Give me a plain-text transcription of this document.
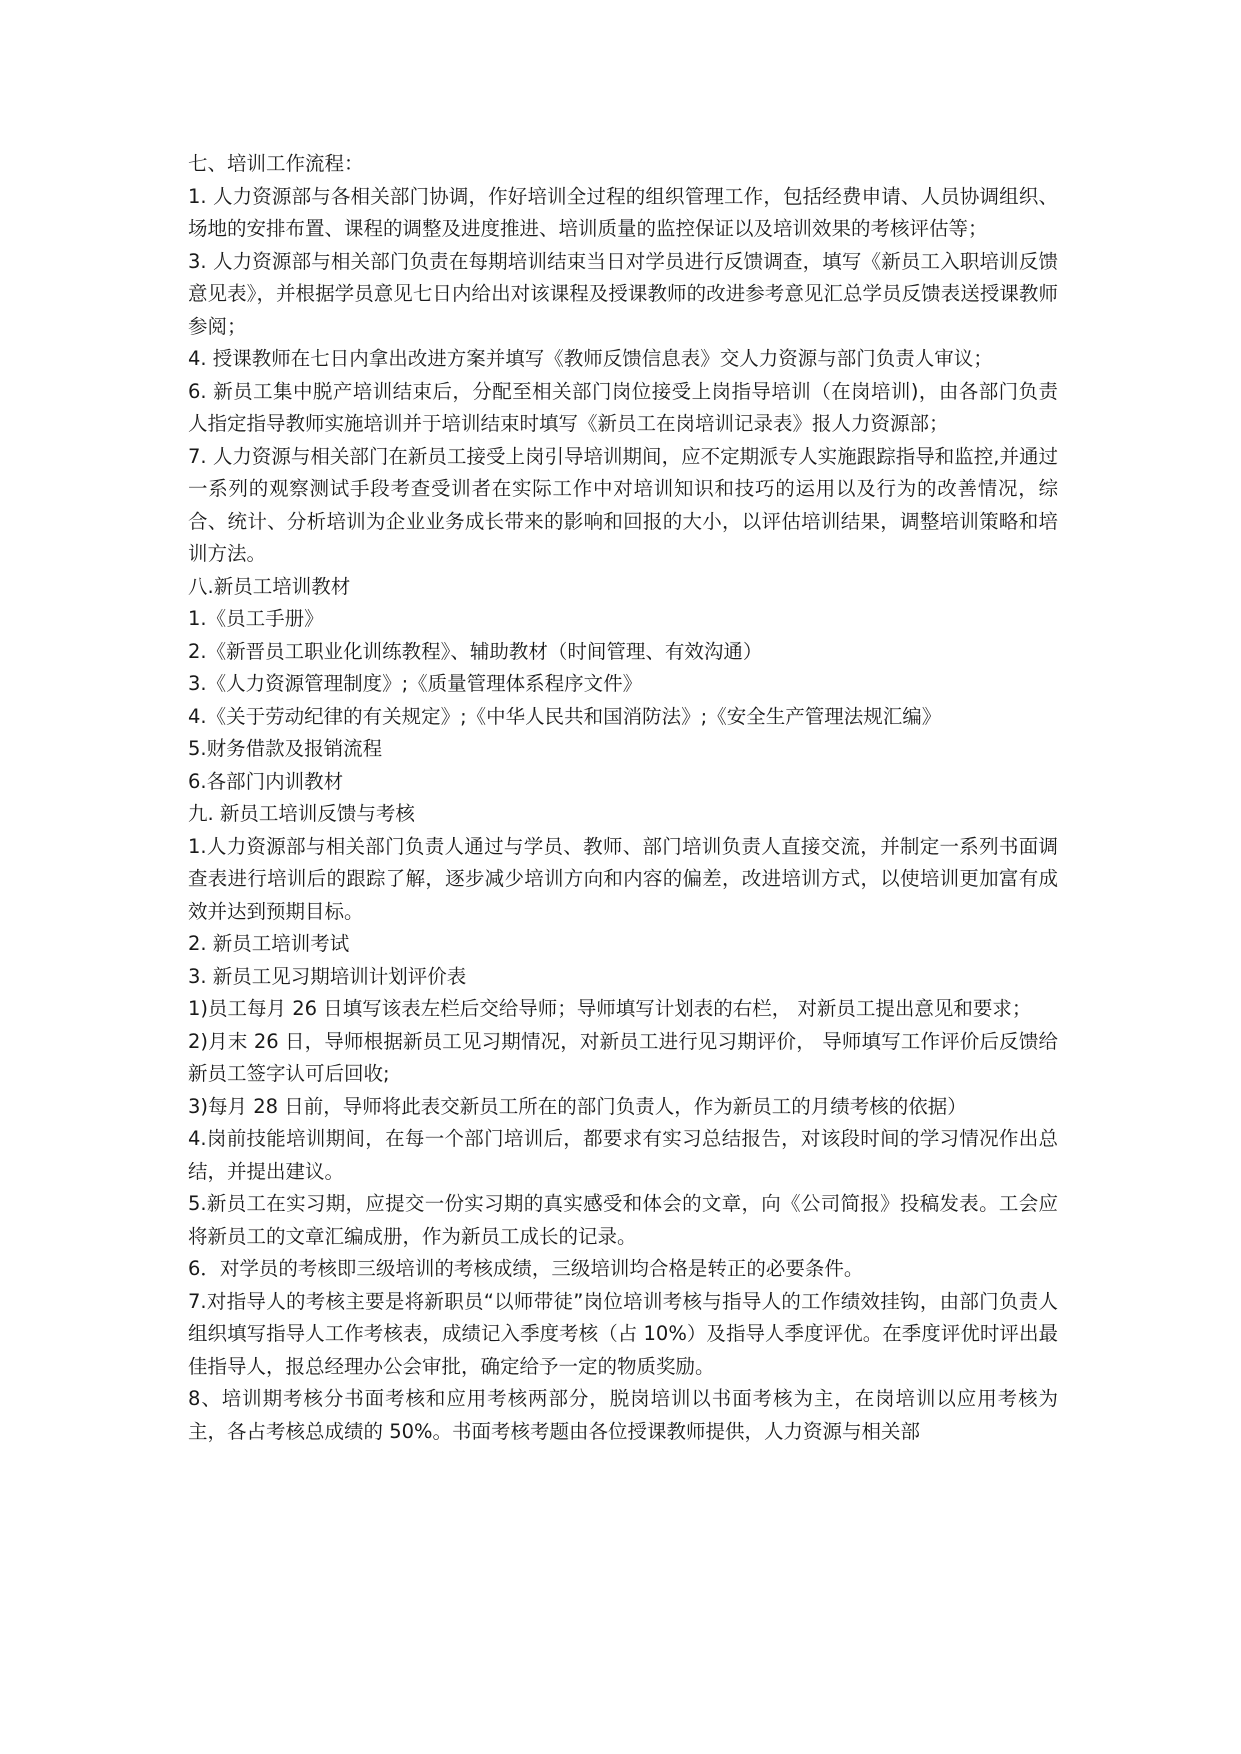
七、培训工作流程：

1. 人力资源部与各相关部门协调，作好培训全过程的组织管理工作，包括经费申请、人员协调组织、场地的安排布置、课程的调整及进度推进、培训质量的监控保证以及培训效果的考核评估等；

3. 人力资源部与相关部门负责在每期培训结束当日对学员进行反馈调查，填写《新员工入职培训反馈意见表》，并根据学员意见七日内给出对该课程及授课教师的改进参考意见汇总学员反馈表送授课教师参阅；

4. 授课教师在七日内拿出改进方案并填写《教师反馈信息表》交人力资源与部门负责人审议；

6. 新员工集中脱产培训结束后，分配至相关部门岗位接受上岗指导培训（在岗培训)，由各部门负责人指定指导教师实施培训并于培训结束时填写《新员工在岗培训记录表》报人力资源部；

7. 人力资源与相关部门在新员工接受上岗引导培训期间，应不定期派专人实施跟踪指导和监控,并通过一系列的观察测试手段考查受训者在实际工作中对培训知识和技巧的运用以及行为的改善情况，综合、统计、分析培训为企业业务成长带来的影响和回报的大小，以评估培训结果，调整培训策略和培训方法。

八.新员工培训教材

1.《员工手册》

2.《新晋员工职业化训练教程》、辅助教材（时间管理、有效沟通）

3.《人力资源管理制度》;《质量管理体系程序文件》

4.《关于劳动纪律的有关规定》;《中华人民共和国消防法》;《安全生产管理法规汇编》

5.财务借款及报销流程

6.各部门内训教材

九. 新员工培训反馈与考核

1.人力资源部与相关部门负责人通过与学员、教师、部门培训负责人直接交流，并制定一系列书面调查表进行培训后的跟踪了解，逐步减少培训方向和内容的偏差，改进培训方式，以使培训更加富有成效并达到预期目标。

2. 新员工培训考试

3. 新员工见习期培训计划评价表

1)员工每月 26 日填写该表左栏后交给导师；导师填写计划表的右栏， 对新员工提出意见和要求；

2)月末 26 日，导师根据新员工见习期情况，对新员工进行见习期评价， 导师填写工作评价后反馈给新员工签字认可后回收;

3)每月 28 日前，导师将此表交新员工所在的部门负责人，作为新员工的月绩考核的依据）

4.岗前技能培训期间，在每一个部门培训后，都要求有实习总结报告，对该段时间的学习情况作出总结，并提出建议。

5.新员工在实习期，应提交一份实习期的真实感受和体会的文章，向《公司简报》投稿发表。工会应将新员工的文章汇编成册，作为新员工成长的记录。

6．对学员的考核即三级培训的考核成绩，三级培训均合格是转正的必要条件。

7.对指导人的考核主要是将新职员“以师带徒”岗位培训考核与指导人的工作绩效挂钩，由部门负责人组织填写指导人工作考核表，成绩记入季度考核（占 10%）及指导人季度评优。在季度评优时评出最佳指导人，报总经理办公会审批，确定给予一定的物质奖励。

8、培训期考核分书面考核和应用考核两部分，脱岗培训以书面考核为主，在岗培训以应用考核为主，各占考核总成绩的 50%。书面考核考题由各位授课教师提供，人力资源与相关部
